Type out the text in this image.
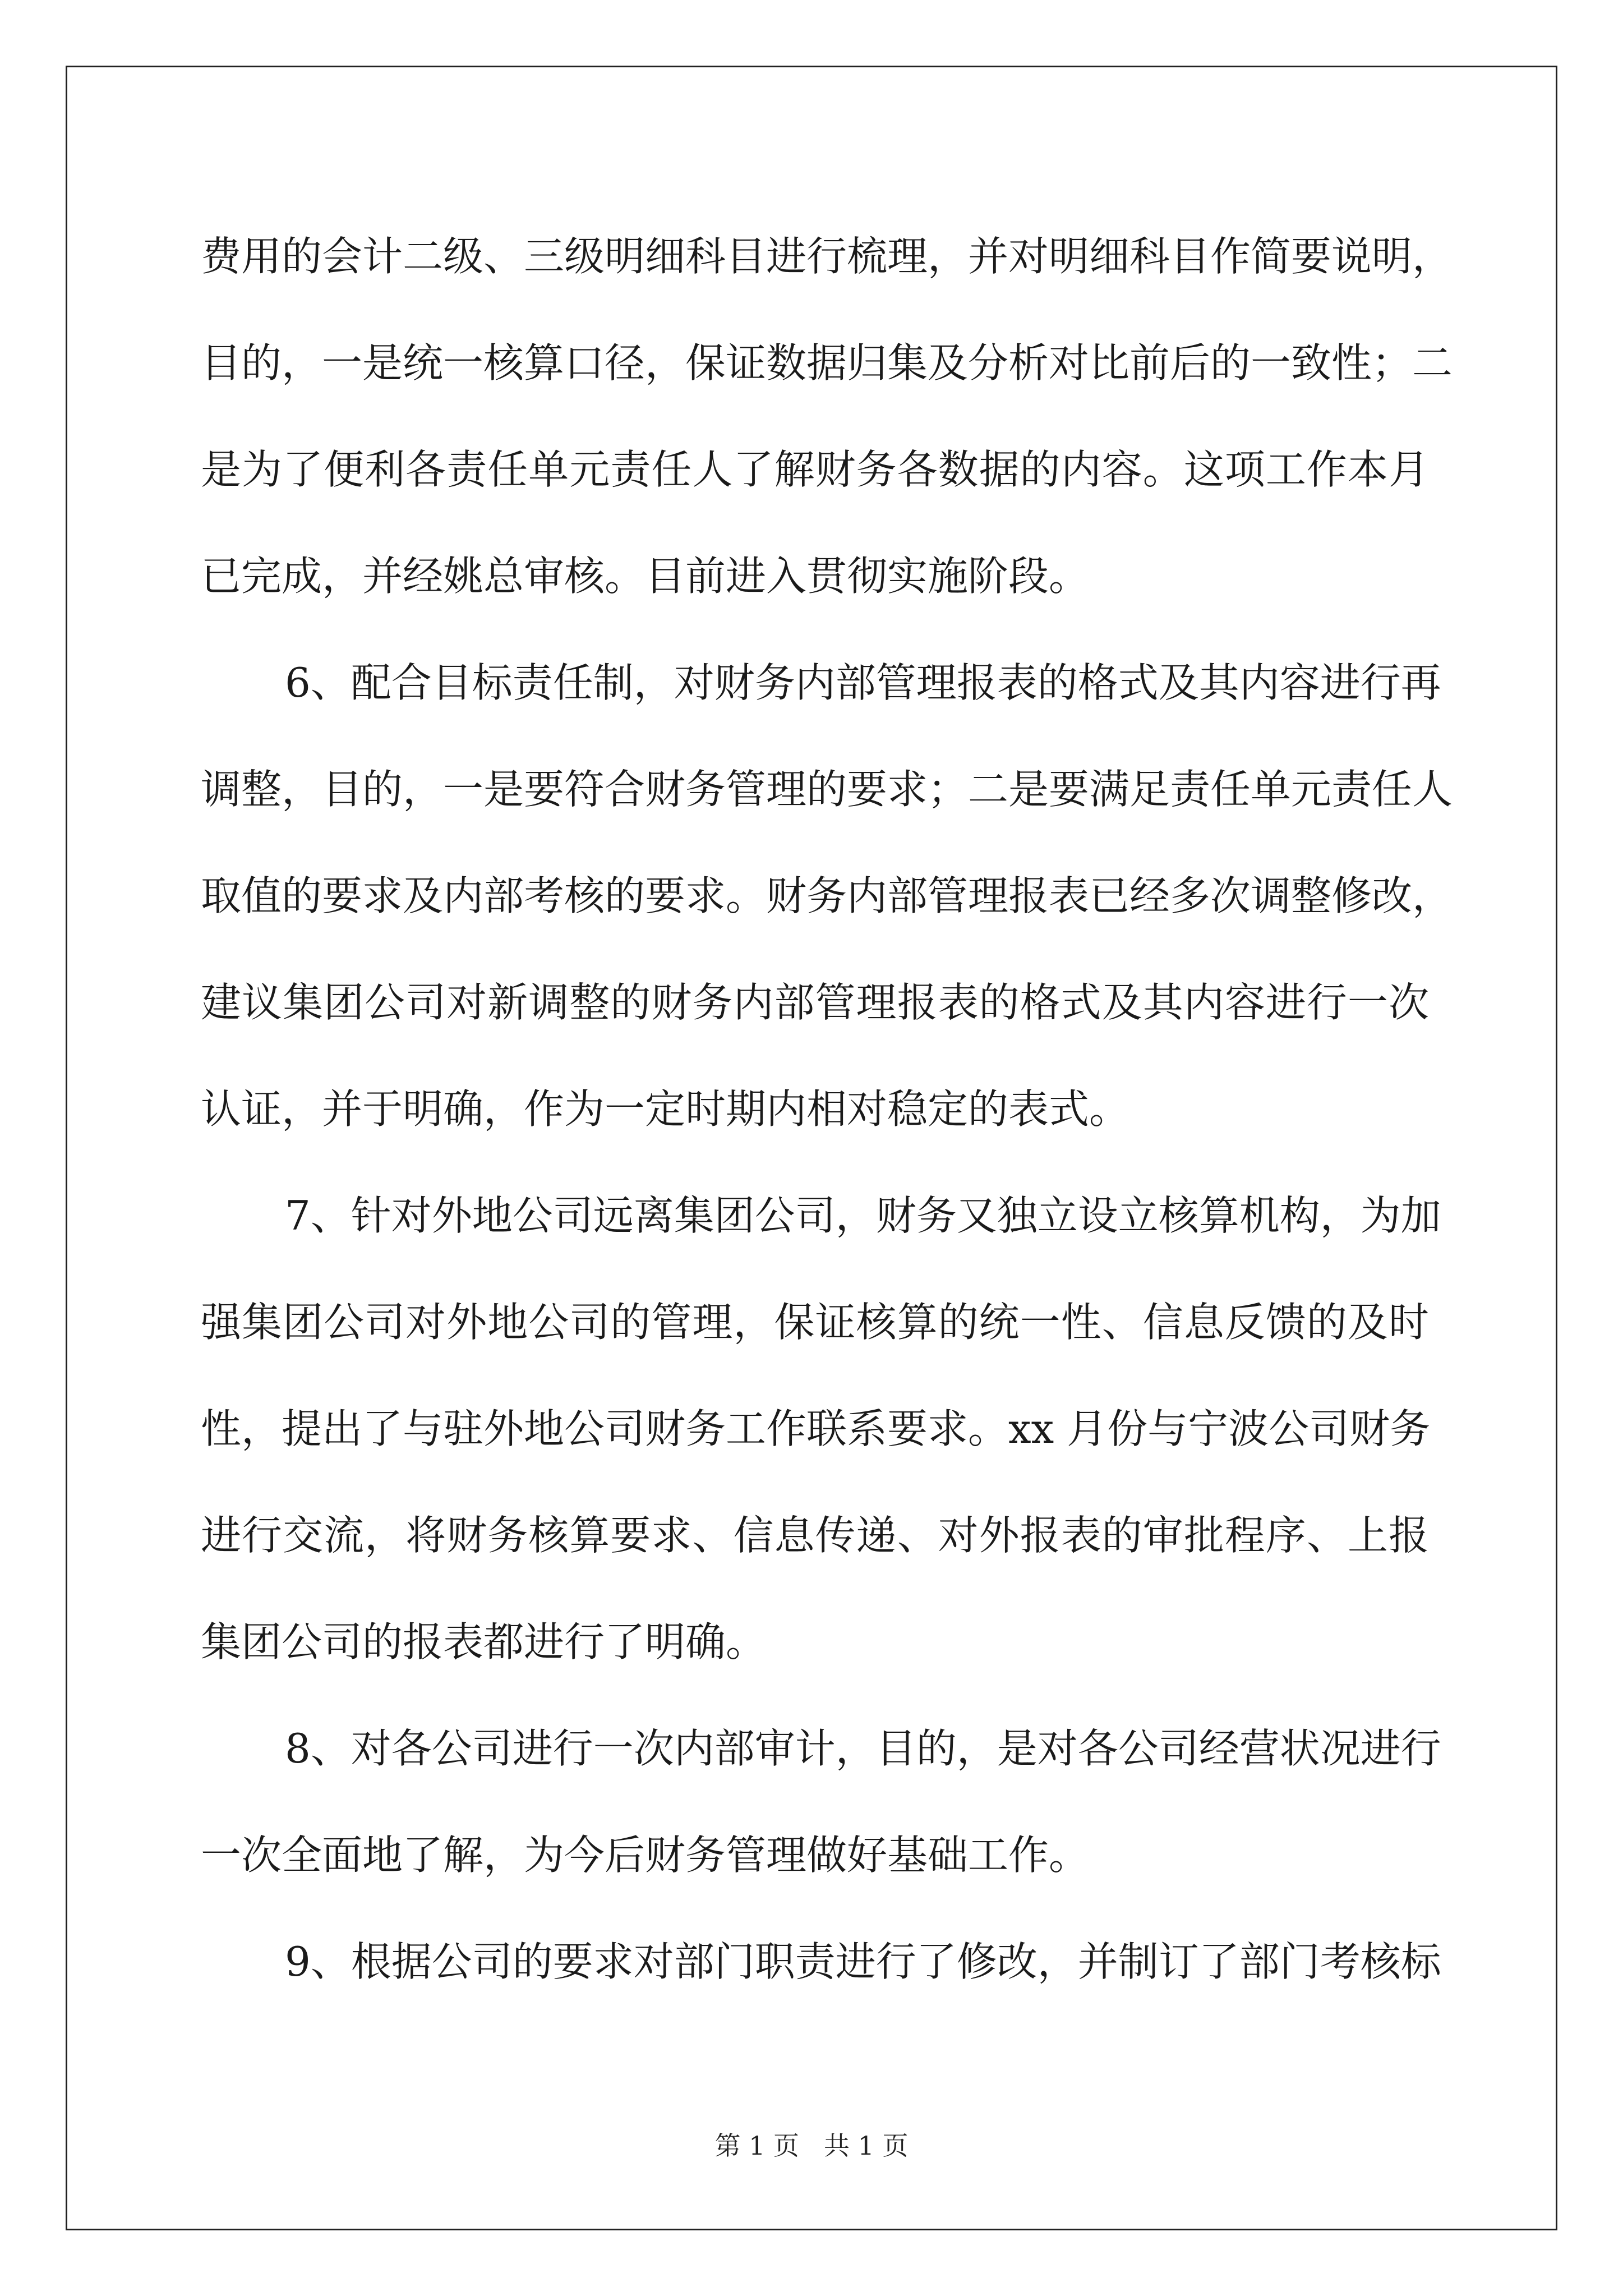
费用的会计二级、三级明细科目进行梳理，并对明细科目作简要说明，
目的，一是统一核算口径，保证数据归集及分析对比前后的一致性；二
是为了便利各责任单元责任人了解财务各数据的内容。这项工作本月
已完成，并经姚总审核。目前进入贯彻实施阶段。
6、配合目标责任制，对财务内部管理报表的格式及其内容进行再
调整，目的，一是要符合财务管理的要求；二是要满足责任单元责任人
取值的要求及内部考核的要求。财务内部管理报表已经多次调整修改，
建议集团公司对新调整的财务内部管理报表的格式及其内容进行一次
认证，并于明确，作为一定时期内相对稳定的表式。
7、针对外地公司远离集团公司，财务又独立设立核算机构，为加
强集团公司对外地公司的管理，保证核算的统一性、信息反馈的及时
性，提出了与驻外地公司财务工作联系要求。xx 月份与宁波公司财务
进行交流，将财务核算要求、信息传递、对外报表的审批程序、上报
集团公司的报表都进行了明确。
8、对各公司进行一次内部审计，目的，是对各公司经营状况进行
一次全面地了解，为今后财务管理做好基础工作。
9、根据公司的要求对部门职责进行了修改，并制订了部门考核标
第 1 页 共 1 页
